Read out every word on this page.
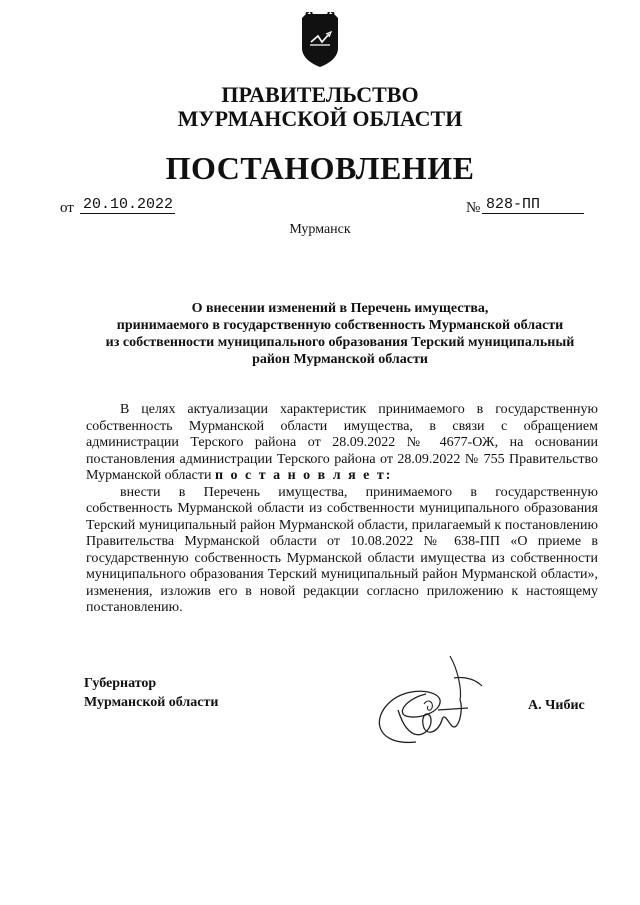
ПРАВИТЕЛЬСТВО
МУРМАНСКОЙ ОБЛАСТИ
ПОСТАНОВЛЕНИЕ
от 20.10.2022	№ 828-ПП
Мурманск
О внесении изменений в Перечень имущества,
принимаемого в государственную собственность Мурманской области
из собственности муниципального образования Терский муниципальный
район Мурманской области

В целях актуализации характеристик принимаемого в государственную собственность Мурманской области имущества, в связи с обращением администрации Терского района от 28.09.2022 № 4677-ОЖ, на основании постановления администрации Терского района от 28.09.2022 № 755 Правительство Мурманской области п о с т а н о в л я е т:

внести в Перечень имущества, принимаемого в государственную собственность Мурманской области из собственности муниципального образования Терский муниципальный район Мурманской области, прилагаемый к постановлению Правительства Мурманской области от 10.08.2022 № 638-ПП «О приеме в государственную собственность Мурманской области имущества из собственности муниципального образования Терский муниципальный район Мурманской области», изменения, изложив его в новой редакции согласно приложению к настоящему постановлению.

Губернатор
Мурманской области	А. Чибис
